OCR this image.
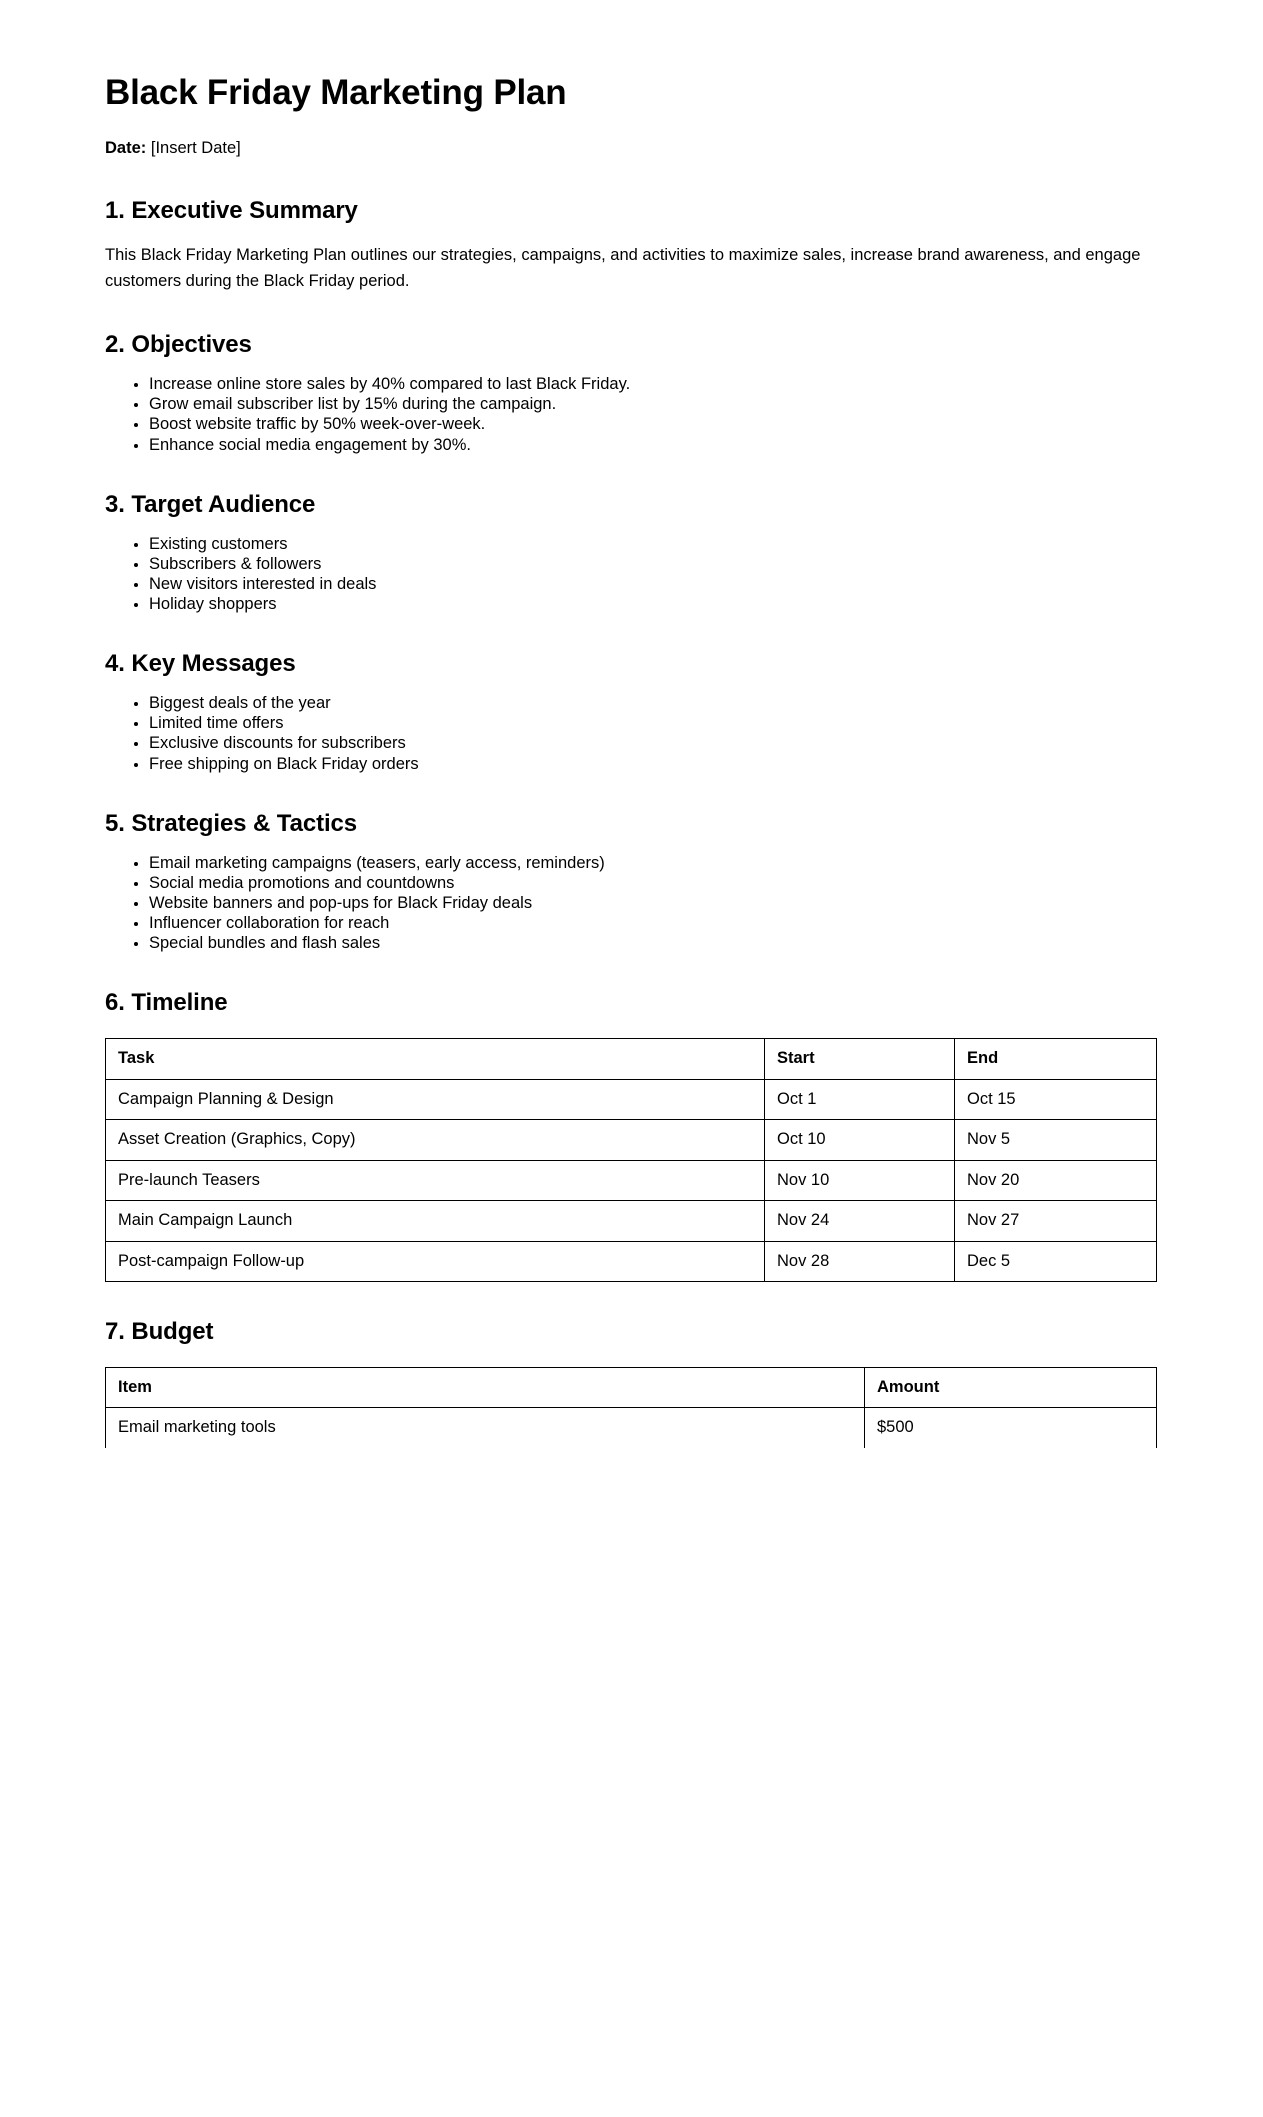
Black Friday Marketing Plan

Date: [Insert Date]

1. Executive Summary

This Black Friday Marketing Plan outlines our strategies, campaigns, and activities to maximize sales, increase brand awareness, and engage customers during the Black Friday period.

2. Objectives
• Increase online store sales by 40% compared to last Black Friday.
• Grow email subscriber list by 15% during the campaign.
• Boost website traffic by 50% week-over-week.
• Enhance social media engagement by 30%.
3. Target Audience
• Existing customers
• Subscribers & followers
• New visitors interested in deals
• Holiday shoppers
4. Key Messages
• Biggest deals of the year
• Limited time offers
• Exclusive discounts for subscribers
• Free shipping on Black Friday orders
5. Strategies & Tactics
• Email marketing campaigns (teasers, early access, reminders)
• Social media promotions and countdowns
• Website banners and pop-ups for Black Friday deals
• Influencer collaboration for reach
• Special bundles and flash sales
6. Timeline
Task	Start	End
Campaign Planning & Design	Oct 1	Oct 15
Asset Creation (Graphics, Copy)	Oct 10	Nov 5
Pre-launch Teasers	Nov 10	Nov 20
Main Campaign Launch	Nov 24	Nov 27
Post-campaign Follow-up	Nov 28	Dec 5
7. Budget
Item	Amount
Email marketing tools	$500
